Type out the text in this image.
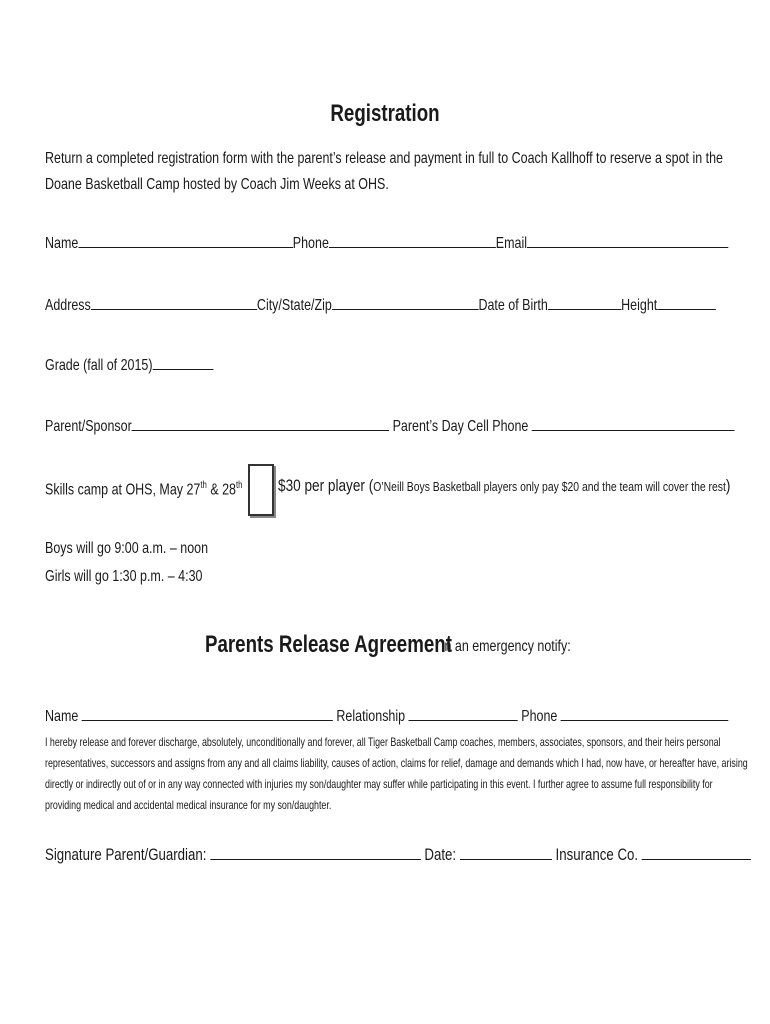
Registration
Return a completed registration form with the parent’s release and payment in full to Coach Kallhoff to reserve a spot in the
Doane Basketball Camp hosted by Coach Jim Weeks at OHS.
Name	Phone	Email
Address	City/State/Zip	Date of Birth	Height
Grade (fall of 2015)
Parent/Sponsor	Parent’s Day Cell Phone
Skills camp at OHS, May 27th & 28th	$30 per player (O’Neill Boys Basketball players only pay $20 and the team will cover the rest)
Boys will go 9:00 a.m. – noon
Girls will go 1:30 p.m. – 4:30
Parents Release Agreement
In an emergency notify:
Name	Relationship	Phone
I hereby release and forever discharge, absolutely, unconditionally and forever, all Tiger Basketball Camp coaches, members, associates, sponsors, and their heirs personal
representatives, successors and assigns from any and all claims liability, causes of action, claims for relief, damage and demands which I had, now have, or hereafter have, arising
directly or indirectly out of or in any way connected with injuries my son/daughter may suffer while participating in this event. I further agree to assume full responsibility for
providing medical and accidental medical insurance for my son/daughter.
Signature Parent/Guardian:	Date:	Insurance Co.
